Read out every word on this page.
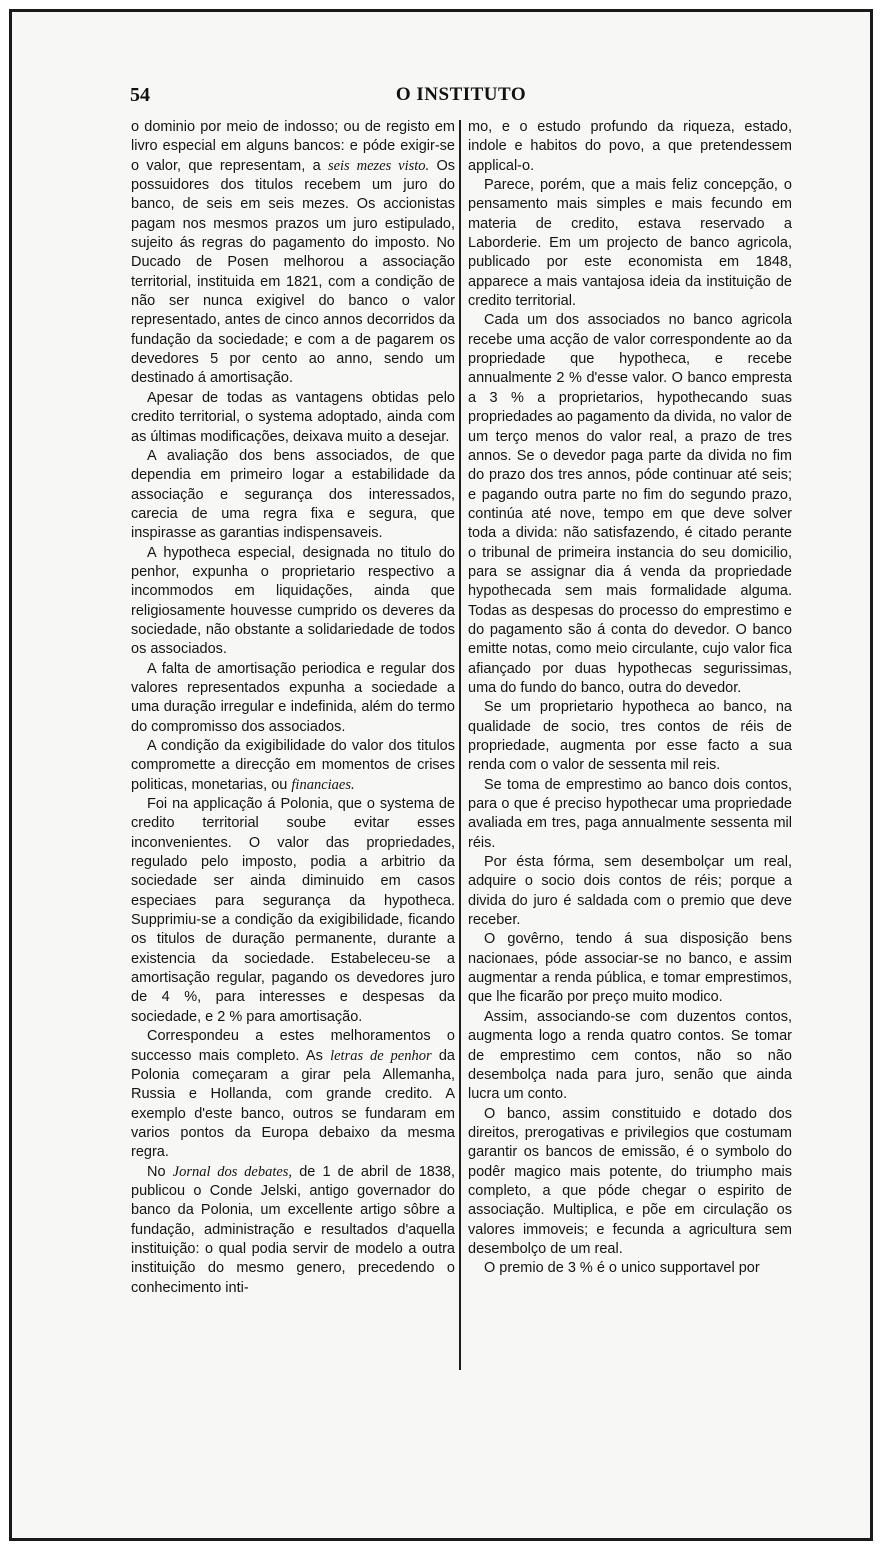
54	O INSTITUTO

o dominio por meio de indosso; ou de registo em livro especial em alguns bancos: e póde exigir-se o valor, que representam, a seis mezes visto. Os possuidores dos titulos recebem um juro do banco, de seis em seis mezes. Os accionistas pagam nos mesmos prazos um juro estipulado, sujeito ás regras do pagamento do imposto. No Ducado de Posen melhorou a associação territorial, instituida em 1821, com a condição de não ser nunca exigivel do banco o valor representado, antes de cinco annos decorridos da fundação da sociedade; e com a de pagarem os devedores 5 por cento ao anno, sendo um destinado á amortisação.

Apesar de todas as vantagens obtidas pelo credito territorial, o systema adoptado, ainda com as últimas modificações, deixava muito a desejar.

A avaliação dos bens associados, de que dependia em primeiro logar a estabilidade da associação e segurança dos interessados, carecia de uma regra fixa e segura, que inspirasse as garantias indispensaveis.

A hypotheca especial, designada no titulo do penhor, expunha o proprietario respectivo a incommodos em liquidações, ainda que religiosamente houvesse cumprido os deveres da sociedade, não obstante a solidariedade de todos os associados.

A falta de amortisação periodica e regular dos valores representados expunha a sociedade a uma duração irregular e indefinida, além do termo do compromisso dos associados.

A condição da exigibilidade do valor dos titulos compromette a direcção em momentos de crises politicas, monetarias, ou financiaes.

Foi na applicação á Polonia, que o systema de credito territorial soube evitar esses inconvenientes. O valor das propriedades, regulado pelo imposto, podia a arbitrio da sociedade ser ainda diminuido em casos especiaes para segurança da hypotheca. Supprimiu-se a condição da exigibilidade, ficando os titulos de duração permanente, durante a existencia da sociedade. Estabeleceu-se a amortisação regular, pagando os devedores juro de 4 %, para interesses e despesas da sociedade, e 2 % para amortisação.

Correspondeu a estes melhoramentos o successo mais completo. As letras de penhor da Polonia começaram a girar pela Allemanha, Russia e Hollanda, com grande credito. A exemplo d'este banco, outros se fundaram em varios pontos da Europa debaixo da mesma regra.

No Jornal dos debates, de 1 de abril de 1838, publicou o Conde Jelski, antigo governador do banco da Polonia, um excellente artigo sôbre a fundação, administração e resultados d'aquella instituição: o qual podia servir de modelo a outra instituição do mesmo genero, precedendo o conhecimento inti-

mo, e o estudo profundo da riqueza, estado, indole e habitos do povo, a que pretendessem applical-o.

Parece, porém, que a mais feliz concepção, o pensamento mais simples e mais fecundo em materia de credito, estava reservado a Laborderie. Em um projecto de banco agricola, publicado por este economista em 1848, apparece a mais vantajosa ideia da instituição de credito territorial.

Cada um dos associados no banco agricola recebe uma acção de valor correspondente ao da propriedade que hypotheca, e recebe annualmente 2 % d'esse valor. O banco empresta a 3 % a proprietarios, hypothecando suas propriedades ao pagamento da divida, no valor de um terço menos do valor real, a prazo de tres annos. Se o devedor paga parte da divida no fim do prazo dos tres annos, póde continuar até seis; e pagando outra parte no fim do segundo prazo, continúa até nove, tempo em que deve solver toda a divida: não satisfazendo, é citado perante o tribunal de primeira instancia do seu domicilio, para se assignar dia á venda da propriedade hypothecada sem mais formalidade alguma. Todas as despesas do processo do emprestimo e do pagamento são á conta do devedor. O banco emitte notas, como meio circulante, cujo valor fica afiançado por duas hypothecas segurissimas, uma do fundo do banco, outra do devedor.

Se um proprietario hypotheca ao banco, na qualidade de socio, tres contos de réis de propriedade, augmenta por esse facto a sua renda com o valor de sessenta mil reis.

Se toma de emprestimo ao banco dois contos, para o que é preciso hypothecar uma propriedade avaliada em tres, paga annualmente sessenta mil réis.

Por ésta fórma, sem desembolçar um real, adquire o socio dois contos de réis; porque a divida do juro é saldada com o premio que deve receber.

O govêrno, tendo á sua disposição bens nacionaes, póde associar-se no banco, e assim augmentar a renda pública, e tomar emprestimos, que lhe ficarão por preço muito modico.

Assim, associando-se com duzentos contos, augmenta logo a renda quatro contos. Se tomar de emprestimo cem contos, não so não desembolça nada para juro, senão que ainda lucra um conto.

O banco, assim constituido e dotado dos direitos, prerogativas e privilegios que costumam garantir os bancos de emissão, é o symbolo do podêr magico mais potente, do triumpho mais completo, a que póde chegar o espirito de associação. Multiplica, e põe em circulação os valores immoveis; e fecunda a agricultura sem desembolço de um real.

O premio de 3 % é o unico supportavel por
